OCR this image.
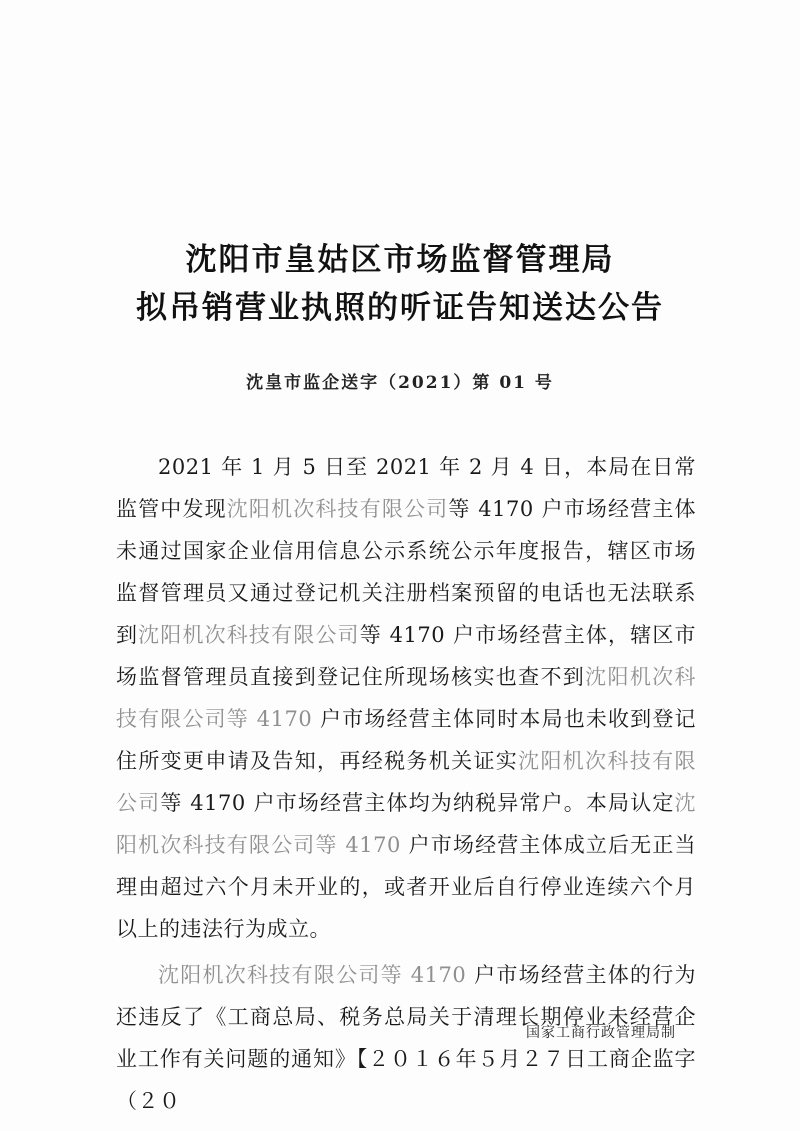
沈阳市皇姑区市场监督管理局
拟吊销营业执照的听证告知送达公告
沈皇市监企送字（2021）第 01 号

2021 年 1 月 5 日至 2021 年 2 月 4 日，本局在日常监管中发现沈阳机次科技有限公司等 4170 户市场经营主体未通过国家企业信用信息公示系统公示年度报告，辖区市场监督管理员又通过登记机关注册档案预留的电话也无法联系到沈阳机次科技有限公司等 4170 户市场经营主体，辖区市场监督管理员直接到登记住所现场核实也查不到沈阳机次科技有限公司等 4170 户市场经营主体同时本局也未收到登记住所变更申请及告知，再经税务机关证实沈阳机次科技有限公司等 4170 户市场经营主体均为纳税异常户。本局认定沈阳机次科技有限公司等 4170 户市场经营主体成立后无正当理由超过六个月未开业的，或者开业后自行停业连续六个月以上的违法行为成立。

沈阳机次科技有限公司等 4170 户市场经营主体的行为还违反了《工商总局、税务总局关于清理长期停业未经营企业工作有关问题的通知》【２０１６年５月２７日工商企监字（２０

国家工商行政管理局制
